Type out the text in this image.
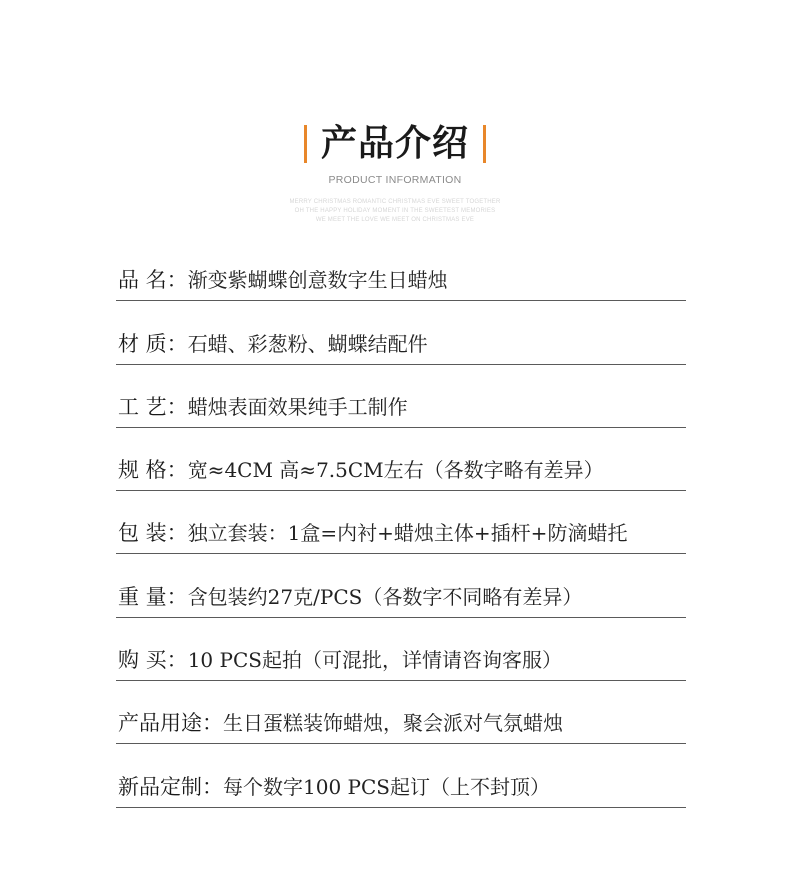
产品介绍
PRODUCT INFORMATION
MERRY CHRISTMAS ROMANTIC CHRISTMAS EVE SWEET TOGETHER
OH THE HAPPY HOLIDAY MOMENT IN THE SWEETEST MEMORIES
WE MEET THE LOVE WE MEET ON CHRISTMAS EVE
品 名：渐变紫蝴蝶创意数字生日蜡烛
材 质：石蜡、彩葱粉、蝴蝶结配件
工 艺：蜡烛表面效果纯手工制作
规 格：宽≈4CM 高≈7.5CM左右（各数字略有差异）
包 装：独立套装：1盒=内衬+蜡烛主体+插杆+防滴蜡托
重 量：含包装约27克/PCS（各数字不同略有差异）
购 买：10 PCS起拍（可混批，详情请咨询客服）
产品用途：生日蛋糕装饰蜡烛，聚会派对气氛蜡烛
新品定制：每个数字100 PCS起订（上不封顶）
